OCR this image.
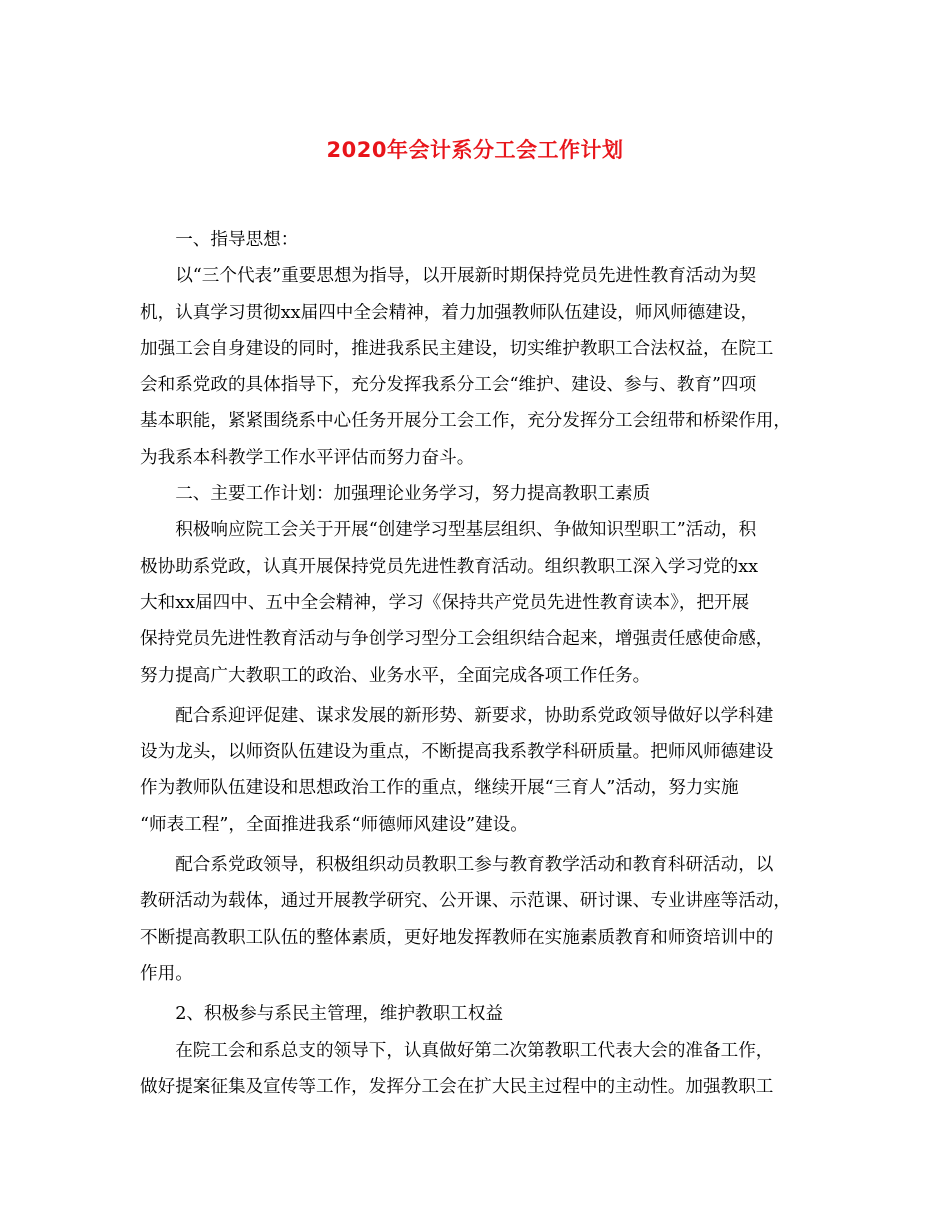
2020年会计系分工会工作计划
　　一、指导思想：
　　以“三个代表”重要思想为指导，以开展新时期保持党员先进性教育活动为契
机，认真学习贯彻xx届四中全会精神，着力加强教师队伍建设，师风师德建设，
加强工会自身建设的同时，推进我系民主建设，切实维护教职工合法权益，在院工
会和系党政的具体指导下，充分发挥我系分工会“维护、建设、参与、教育”四项
基本职能，紧紧围绕系中心任务开展分工会工作，充分发挥分工会纽带和桥梁作用，
为我系本科教学工作水平评估而努力奋斗。
　　二、主要工作计划：加强理论业务学习，努力提高教职工素质
　　积极响应院工会关于开展“创建学习型基层组织、争做知识型职工”活动，积
极协助系党政，认真开展保持党员先进性教育活动。组织教职工深入学习党的xx
大和xx届四中、五中全会精神，学习《保持共产党员先进性教育读本》，把开展
保持党员先进性教育活动与争创学习型分工会组织结合起来，增强责任感使命感，
努力提高广大教职工的政治、业务水平，全面完成各项工作任务。
　　配合系迎评促建、谋求发展的新形势、新要求，协助系党政领导做好以学科建
设为龙头，以师资队伍建设为重点，不断提高我系教学科研质量。把师风师德建设
作为教师队伍建设和思想政治工作的重点，继续开展“三育人”活动，努力实施
“师表工程”，全面推进我系“师德师风建设”建设。
　　配合系党政领导，积极组织动员教职工参与教育教学活动和教育科研活动，以
教研活动为载体，通过开展教学研究、公开课、示范课、研讨课、专业讲座等活动，
不断提高教职工队伍的整体素质，更好地发挥教师在实施素质教育和师资培训中的
作用。
　　2、积极参与系民主管理，维护教职工权益
　　在院工会和系总支的领导下，认真做好第二次第教职工代表大会的准备工作，
做好提案征集及宣传等工作，发挥分工会在扩大民主过程中的主动性。加强教职工
